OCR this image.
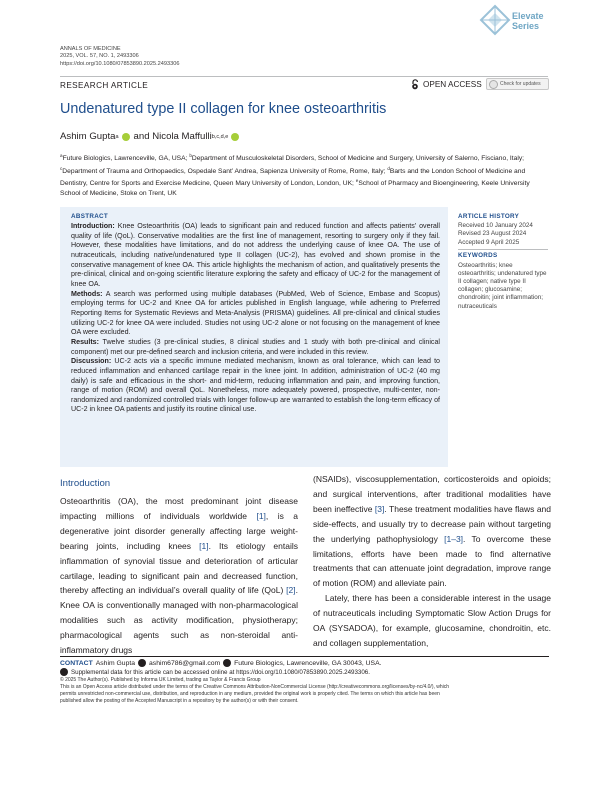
ANNALS OF MEDICINE
2025, VOL. 57, NO. 1, 2493306
https://doi.org/10.1080/07853890.2025.2493306
Elevate
Series
RESEARCH ARTICLE	OPEN ACCESS	Check for updates
Undenatured type II collagen for knee osteoarthritis
Ashim Gupta a and
Nicola Maffulli b,c,d,e
$^a$Future Biologics, Lawrenceville, GA, USA; $^b$Department of Musculoskeletal Disorders, School of Medicine and Surgery, University of Salerno, Fisciano, Italy; $^c$Department of Trauma and Orthopaedics, Ospedale Sant’ Andrea, Sapienza University of Rome, Rome, Italy; $^d$Barts and the London School of Medicine and Dentistry, Centre for Sports and Exercise Medicine, Queen Mary University of London, London, UK; $^e$School of Pharmacy and Bioengineering, Keele University School of Medicine, Stoke on Trent, UK
ABSTRACT

Introduction: Knee Osteoarthritis (OA) leads to significant pain and reduced function and affects patients’ overall quality of life (QoL). Conservative modalities are the first line of management, resorting to surgery only if they fail. However, these modalities have limitations, and do not address the underlying cause of knee OA. The use of nutraceuticals, including native/undenatured type II collagen (UC-2), has evolved and shown promise in the conservative management of knee OA. This article highlights the mechanism of action, and qualitatively presents the pre-clinical, clinical and on-going scientific literature exploring the safety and efficacy of UC-2 for the management of knee OA.

Methods: A search was performed using multiple databases (PubMed, Web of Science, Embase and Scopus) employing terms for UC-2 and Knee OA for articles published in English language, while adhering to Preferred Reporting Items for Systematic Reviews and Meta-Analysis (PRISMA) guidelines. All pre-clinical and clinical studies utilizing UC-2 for knee OA were included. Studies not using UC-2 alone or not focusing on the management of knee OA were excluded.

Results: Twelve studies (3 pre-clinical studies, 8 clinical studies and 1 study with both pre-clinical and clinical component) met our pre-defined search and inclusion criteria, and were included in this review.

Discussion: UC-2 acts via a specific immune mediated mechanism, known as oral tolerance, which can lead to reduced inflammation and enhanced cartilage repair in the knee joint. In addition, administration of UC-2 (40 mg daily) is safe and efficacious in the short- and mid-term, reducing inflammation and pain, and improving function, range of motion (ROM) and overall QoL. Nonetheless, more adequately powered, prospective, multi-center, non-randomized and randomized controlled trials with longer follow-up are warranted to establish the long-term efficacy of UC-2 in knee OA patients and justify its routine clinical use.

ARTICLE HISTORY
Received 10 January 2024
Revised 23 August 2024
Accepted 9 April 2025
KEYWORDS
Osteoarthritis; knee osteoarthritis; undenatured type II collagen; native type II collagen; glucosamine; chondroitin; joint inflammation; nutraceuticals
Introduction

Osteoarthritis (OA), the most predominant joint disease impacting millions of individuals worldwide [1], is a degenerative joint disorder generally affecting large weight-bearing joints, including knees [1]. Its etiology entails inflammation of synovial tissue and deterioration of articular cartilage, leading to significant pain and decreased function, thereby affecting an individual’s overall quality of life (QoL) [2]. Knee OA is conventionally managed with non-pharmacological modalities such as activity modification, physiotherapy; pharmacological agents such as non-steroidal anti-inflammatory drugs

(NSAIDs), viscosupplementation, corticosteroids and opioids; and surgical interventions, after traditional modalities have been ineffective [3]. These treatment modalities have flaws and side-effects, and usually try to decrease pain without targeting the underlying pathophysiology [1–3]. To overcome these limitations, efforts have been made to find alternative treatments that can attenuate joint degradation, improve range of motion (ROM) and alleviate pain.

Lately, there has been a considerable interest in the usage of nutraceuticals including Symptomatic Slow Action Drugs for OA (SYSADOA), for example, glucosamine, chondroitin, etc. and collagen supplementation,

CONTACT Ashim Gupta ashim6786@gmail.com Future Biologics, Lawrenceville, GA 30043, USA.
Supplemental data for this article can be accessed online at https://doi.org/10.1080/07853890.2025.2493306.
© 2025 The Author(s). Published by Informa UK Limited, trading as Taylor & Francis Group
This is an Open Access article distributed under the terms of the Creative Commons Attribution-NonCommercial License (http://creativecommons.org/licenses/by-nc/4.0/), which
permits unrestricted non-commercial use, distribution, and reproduction in any medium, provided the original work is properly cited. The terms on which this article has been
published allow the posting of the Accepted Manuscript in a repository by the author(s) or with their consent.
